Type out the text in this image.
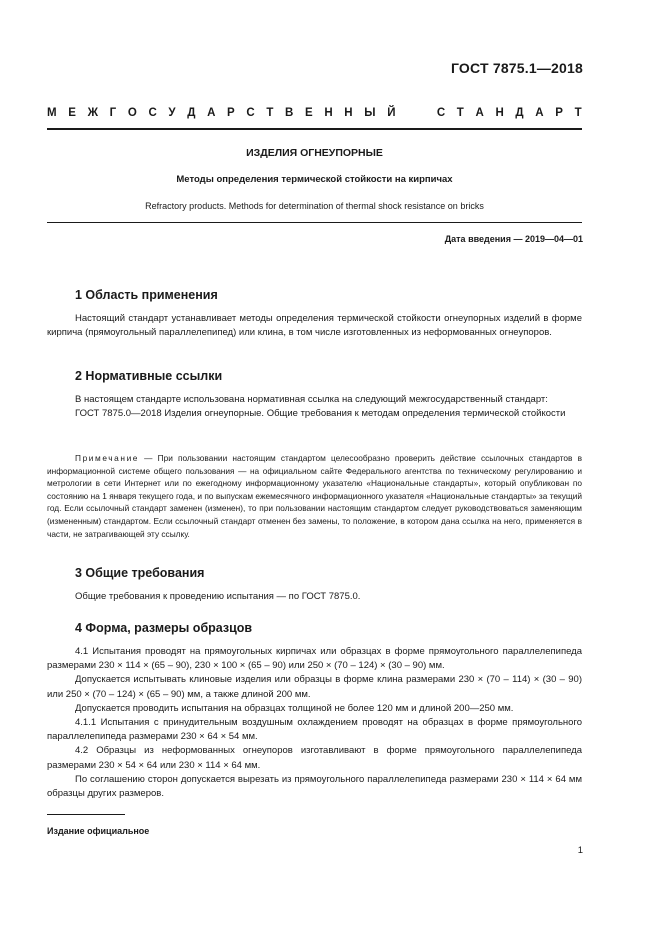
ГОСТ 7875.1—2018
М Е Ж Г О С У Д А Р С Т В Е Н Н Ы Й

	С Т А Н Д А Р Т
ИЗДЕЛИЯ ОГНЕУПОРНЫЕ
Методы определения термической стойкости на кирпичах
Refractory products. Methods for determination of thermal shock resistance on bricks
Дата введения — 2019—04—01
1 Область применения

Настоящий стандарт устанавливает методы определения термической стойкости огнеупорных изделий в форме кирпича (прямоугольный параллелепипед) или клина, в том числе изготовленных из неформованных огнеупоров.

2 Нормативные ссылки

В настоящем стандарте использована нормативная ссылка на следующий межгосударственный стандарт:

ГОСТ 7875.0—2018 Изделия огнеупорные. Общие требования к методам определения термической стойкости

Примечание — При пользовании настоящим стандартом целесообразно проверить действие ссылочных стандартов в информационной системе общего пользования — на официальном сайте Федерального агентства по техническому регулированию и метрологии в сети Интернет или по ежегодному информационному указателю «Национальные стандарты», который опубликован по состоянию на 1 января текущего года, и по выпускам ежемесячного информационного указателя «Национальные стандарты» за текущий год. Если ссылочный стандарт заменен (изменен), то при пользовании настоящим стандартом следует руководствоваться заменяющим (измененным) стандартом. Если ссылочный стандарт отменен без замены, то положение, в котором дана ссылка на него, применяется в части, не затрагивающей эту ссылку.

3 Общие требования

Общие требования к проведению испытания — по ГОСТ 7875.0.

4 Форма, размеры образцов

4.1 Испытания проводят на прямоугольных кирпичах или образцах в форме прямоугольного параллелепипеда размерами 230 × 114 × (65 – 90), 230 × 100 × (65 – 90) или 250 × (70 – 124) × (30 – 90) мм.

Допускается испытывать клиновые изделия или образцы в форме клина размерами 230 × (70 – 114) × (30 – 90) или 250 × (70 – 124) × (65 – 90) мм, а также длиной 200 мм.

Допускается проводить испытания на образцах толщиной не более 120 мм и длиной 200—250 мм.

4.1.1 Испытания с принудительным воздушным охлаждением проводят на образцах в форме прямоугольного параллелепипеда размерами 230 × 64 × 54 мм.

4.2 Образцы из неформованных огнеупоров изготавливают в форме прямоугольного параллелепипеда размерами 230 × 54 × 64 или 230 × 114 × 64 мм.

По соглашению сторон допускается вырезать из прямоугольного параллелепипеда размерами 230 × 114 × 64 мм образцы других размеров.

Издание официальное
1
